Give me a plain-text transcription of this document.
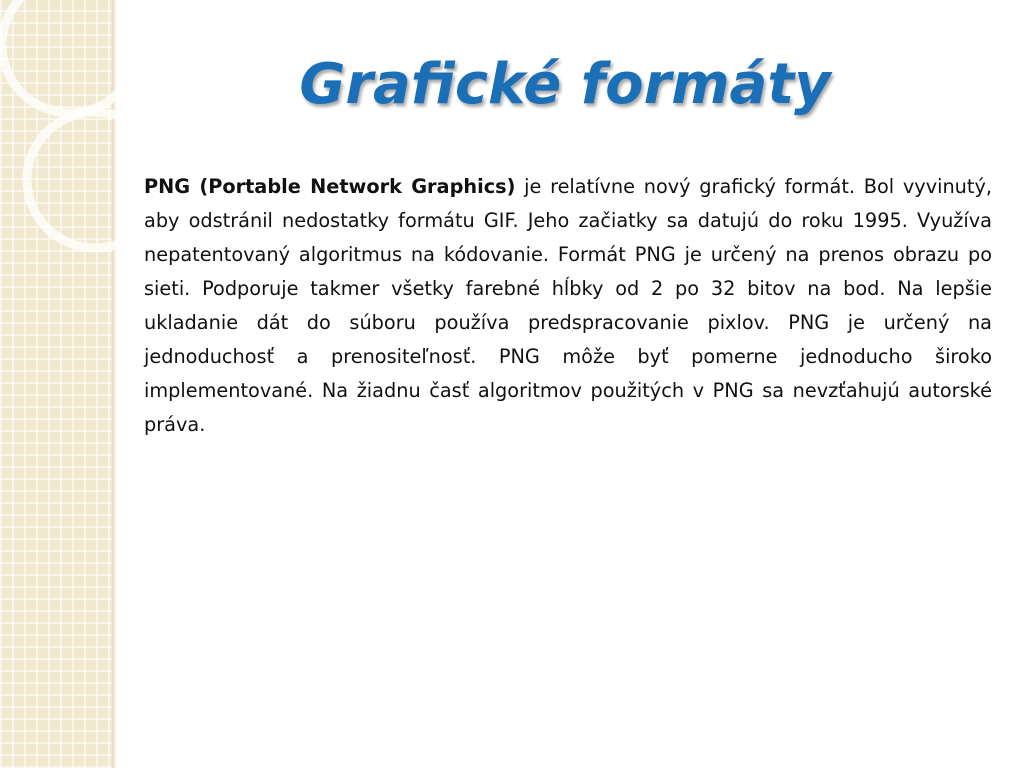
Grafické formáty

PNG (Portable Network Graphics) je relatívne nový grafický formát. Bol vyvinutý, aby odstránil nedostatky formátu GIF. Jeho začiatky sa datujú do roku 1995. Využíva nepatentovaný algoritmus na kódovanie. Formát PNG je určený na prenos obrazu po sieti. Podporuje takmer všetky farebné hĺbky od 2 po 32 bitov na bod. Na lepšie ukladanie dát do súboru používa predspracovanie pixlov. PNG je určený na jednoduchosť a prenositeľnosť. PNG môže byť pomerne jednoducho široko implementované. Na žiadnu časť algoritmov použitých v PNG sa nevzťahujú autorské práva.
